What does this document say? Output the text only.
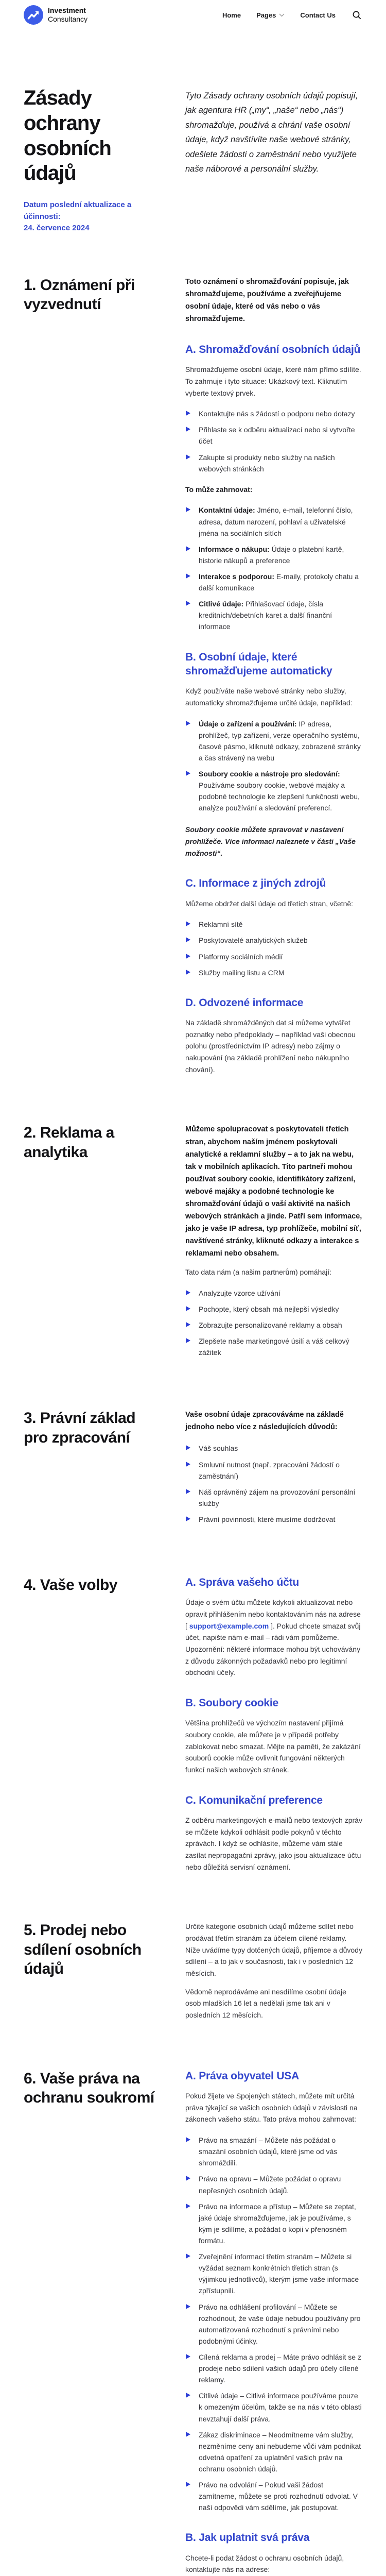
Investment
Consultancy	Home Pages	Contact Us
Zásady ochrany osobních údajů

Datum poslední aktualizace a účinnosti:
24. července 2024

Tyto Zásady ochrany osobních údajů popisují, jak agentura HR („my“, „naše“ nebo „nás“) shromažďuje, používá a chrání vaše osobní údaje, když navštívíte naše webové stránky, odešlete žádosti o zaměstnání nebo využijete naše náborové a personální služby.

1. Oznámení při vyzvednutí

Toto oznámení o shromažďování popisuje, jak shromažďujeme, používáme a zveřejňujeme osobní údaje, které od vás nebo o vás shromažďujeme.

A. Shromažďování osobních údajů

Shromažďujeme osobní údaje, které nám přímo sdílíte. To zahrnuje i tyto situace: Ukázkový text. Kliknutím vyberte textový prvek.

Kontaktujte nás s žádostí o podporu nebo dotazy
Přihlaste se k odběru aktualizací nebo si vytvořte účet
Zakupte si produkty nebo služby na našich webových stránkách

To může zahrnovat:

Kontaktní údaje: Jméno, e-mail, telefonní číslo, adresa, datum narození, pohlaví a uživatelské jména na sociálních sítích
Informace o nákupu: Údaje o platební kartě, historie nákupů a preference
Interakce s podporou: E-maily, protokoly chatu a další komunikace
Citlivé údaje: Přihlašovací údaje, čísla kreditních/debetních karet a další finanční informace
B. Osobní údaje, které shromažďujeme automaticky

Když používáte naše webové stránky nebo služby, automaticky shromažďujeme určité údaje, například:

Údaje o zařízení a používání: IP adresa, prohlížeč, typ zařízení, verze operačního systému, časové pásmo, kliknuté odkazy, zobrazené stránky a čas strávený na webu
Soubory cookie a nástroje pro sledování: Používáme soubory cookie, webové majáky a podobné technologie ke zlepšení funkčnosti webu, analýze používání a sledování preferencí.

Soubory cookie můžete spravovat v nastavení prohlížeče. Více informací naleznete v části „Vaše možnosti“.

C. Informace z jiných zdrojů

Můžeme obdržet další údaje od třetích stran, včetně:

Reklamní sítě
Poskytovatelé analytických služeb
Platformy sociálních médií
Služby mailing listu a CRM
D. Odvozené informace

Na základě shromážděných dat si můžeme vytvářet poznatky nebo předpoklady – například vaši obecnou polohu (prostřednictvím IP adresy) nebo zájmy o nakupování (na základě prohlížení nebo nákupního chování).

2. Reklama a analytika

Můžeme spolupracovat s poskytovateli třetích stran, abychom naším jménem poskytovali analytické a reklamní služby – a to jak na webu, tak v mobilních aplikacích. Tito partneři mohou používat soubory cookie, identifikátory zařízení, webové majáky a podobné technologie ke shromažďování údajů o vaší aktivitě na našich webových stránkách a jinde. Patří sem informace, jako je vaše IP adresa, typ prohlížeče, mobilní síť, navštívené stránky, kliknuté odkazy a interakce s reklamami nebo obsahem.

Tato data nám (a našim partnerům) pomáhají:

Analyzujte vzorce užívání
Pochopte, který obsah má nejlepší výsledky
Zobrazujte personalizované reklamy a obsah
Zlepšete naše marketingové úsilí a váš celkový zážitek
3. Právní základ pro zpracování

Vaše osobní údaje zpracováváme na základě jednoho nebo více z následujících důvodů:

Váš souhlas
Smluvní nutnost (např. zpracování žádostí o zaměstnání)
Náš oprávněný zájem na provozování personální služby
Právní povinnosti, které musíme dodržovat
4. Vaše volby	A. Správa vašeho účtu

Údaje o svém účtu můžete kdykoli aktualizovat nebo opravit přihlášením nebo kontaktováním nás na adrese [ support@example.com ]. Pokud chcete smazat svůj účet, napište nám e-mail – rádi vám pomůžeme.
Upozornění: některé informace mohou být uchovávány z důvodu zákonných požadavků nebo pro legitimní obchodní účely.

B. Soubory cookie

Většina prohlížečů ve výchozím nastavení přijímá soubory cookie, ale můžete je v případě potřeby zablokovat nebo smazat. Mějte na paměti, že zakázání souborů cookie může ovlivnit fungování některých funkcí našich webových stránek.

C. Komunikační preference

Z odběru marketingových e-mailů nebo textových zpráv se můžete kdykoli odhlásit podle pokynů v těchto zprávách. I když se odhlásíte, můžeme vám stále zasílat nepropagační zprávy, jako jsou aktualizace účtu nebo důležitá servisní oznámení.

5. Prodej nebo sdílení osobních údajů

Určité kategorie osobních údajů můžeme sdílet nebo prodávat třetím stranám za účelem cílené reklamy. Níže uvádíme typy dotčených údajů, příjemce a důvody sdílení – a to jak v současnosti, tak i v posledních 12 měsících.

Vědomě neprodáváme ani nesdílíme osobní údaje osob mladších 16 let a nedělali jsme tak ani v posledních 12 měsících.

6. Vaše práva na ochranu soukromí
A. Práva obyvatel USA

Pokud žijete ve Spojených státech, můžete mít určitá práva týkající se vašich osobních údajů v závislosti na zákonech vašeho státu. Tato práva mohou zahrnovat:

Právo na smazání – Můžete nás požádat o smazání osobních údajů, které jsme od vás shromáždili.
Právo na opravu – Můžete požádat o opravu nepřesných osobních údajů.
Právo na informace a přístup – Můžete se zeptat, jaké údaje shromažďujeme, jak je používáme, s kým je sdílíme, a požádat o kopii v přenosném formátu.
Zveřejnění informací třetím stranám – Můžete si vyžádat seznam konkrétních třetích stran (s výjimkou jednotlivců), kterým jsme vaše informace zpřístupnili.
Právo na odhlášení profilování – Můžete se rozhodnout, že vaše údaje nebudou používány pro automatizovaná rozhodnutí s právními nebo podobnými účinky.
Cílená reklama a prodej – Máte právo odhlásit se z prodeje nebo sdílení vašich údajů pro účely cílené reklamy.
Citlivé údaje – Citlivé informace používáme pouze k omezeným účelům, takže se na nás v této oblasti nevztahují další práva.
Zákaz diskriminace – Neodmítneme vám služby, nezměníme ceny ani nebudeme vůči vám podnikat odvetná opatření za uplatnění vašich práv na ochranu osobních údajů.
Právo na odvolání – Pokud vaši žádost zamítneme, můžete se proti rozhodnutí odvolat. V naší odpovědi vám sdělíme, jak postupovat.
B. Jak uplatnit svá práva

Chcete-li podat žádost o ochranu osobních údajů, kontaktujte nás na adrese:
